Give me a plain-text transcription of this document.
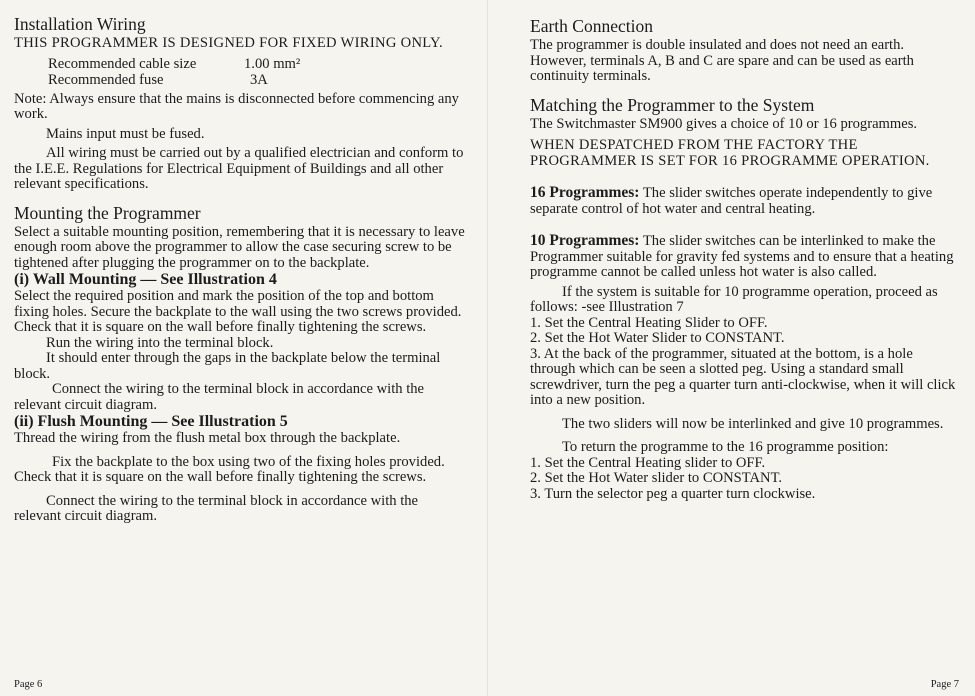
Installation Wiring

THIS PROGRAMMER IS DESIGNED FOR FIXED WIRING ONLY.

Recommended cable size	1.00 mm²
Recommended fuse	3A

Note: Always ensure that the mains is disconnected before commencing any work.

Mains input must be fused.

All wiring must be carried out by a qualified electrician and conform to the I.E.E. Regulations for Electrical Equipment of Buildings and all other relevant specifications.

Mounting the Programmer

Select a suitable mounting position, remembering that it is necessary to leave enough room above the programmer to allow the case securing screw to be tightened after plugging the programmer on to the backplate.

(i) Wall Mounting — See Illustration 4

Select the required position and mark the position of the top and bottom fixing holes. Secure the backplate to the wall using the two screws provided. Check that it is square on the wall before finally tightening the screws.

Run the wiring into the terminal block.

It should enter through the gaps in the backplate below the terminal block.

Connect the wiring to the terminal block in accordance with the relevant circuit diagram.

(ii) Flush Mounting — See Illustration 5

Thread the wiring from the flush metal box through the backplate.

Fix the backplate to the box using two of the fixing holes provided. Check that it is square on the wall before finally tightening the screws.

Connect the wiring to the terminal block in accordance with the relevant circuit diagram.

Page 6
Earth Connection

The programmer is double insulated and does not need an earth. However, terminals A, B and C are spare and can be used as earth continuity terminals.

Matching the Programmer to the System

The Switchmaster SM900 gives a choice of 10 or 16 programmes.

WHEN DESPATCHED FROM THE FACTORY THE PROGRAMMER IS SET FOR 16 PROGRAMME OPERATION.

16 Programmes: The slider switches operate independently to give separate control of hot water and central heating.

10 Programmes: The slider switches can be interlinked to make the Programmer suitable for gravity fed systems and to ensure that a heating programme cannot be called unless hot water is also called.

If the system is suitable for 10 programme operation, proceed as follows: -see Illustration 7

1. Set the Central Heating Slider to OFF.

2. Set the Hot Water Slider to CONSTANT.

3. At the back of the programmer, situated at the bottom, is a hole through which can be seen a slotted peg. Using a standard small screwdriver, turn the peg a quarter turn anti-clockwise, when it will click into a new position.

The two sliders will now be interlinked and give 10 programmes.

To return the programme to the 16 programme position:

1. Set the Central Heating slider to OFF.

2. Set the Hot Water slider to CONSTANT.

3. Turn the selector peg a quarter turn clockwise.

Page 7
